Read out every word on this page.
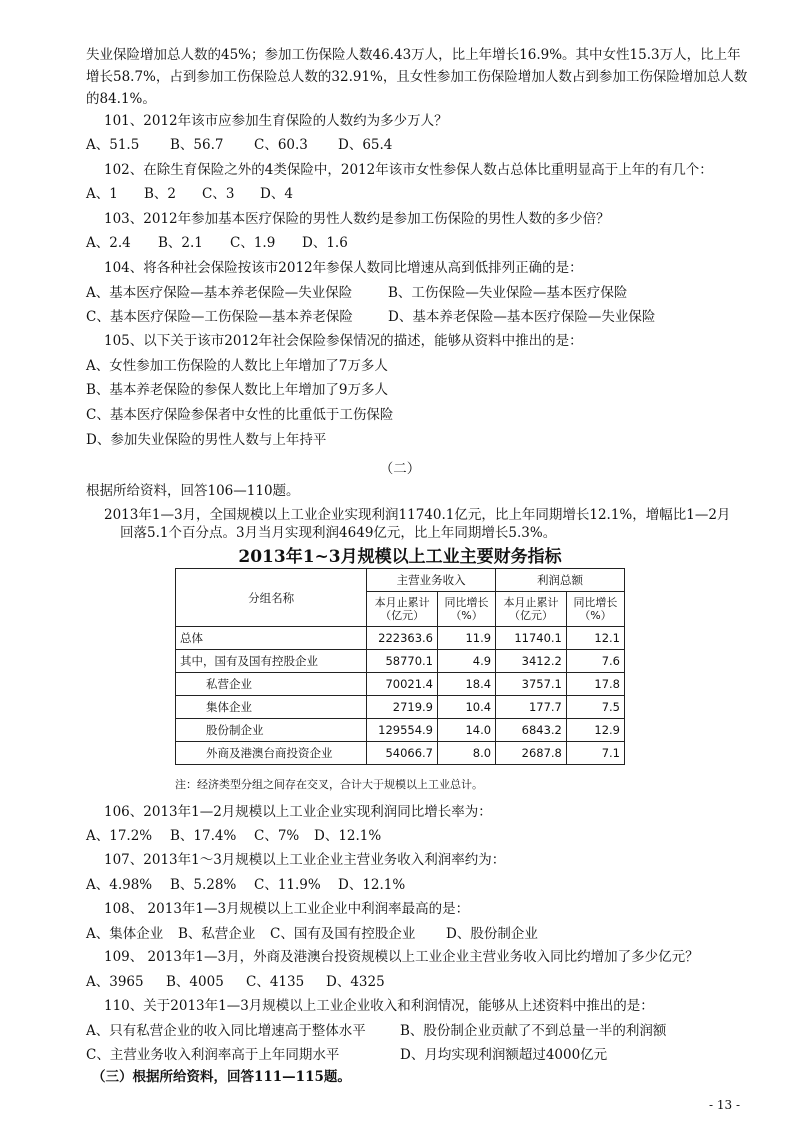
失业保险增加总人数的45%；参加工伤保险人数46.43万人，比上年增长16.9%。其中女性15.3万人，比上年
增长58.7%，占到参加工伤保险总人数的32.91%，且女性参加工伤保险增加人数占到参加工伤保险增加总人数
的84.1%。
101、2012年该市应参加生育保险的人数约为多少万人？
A、51.5	B、56.7	C、60.3	D、65.4
102、在除生育保险之外的4类保险中，2012年该市女性参保人数占总体比重明显高于上年的有几个：
A、1	B、2	C、3	D、4
103、2012年参加基本医疗保险的男性人数约是参加工伤保险的男性人数的多少倍？
A、2.4	B、2.1	C、1.9	D、1.6
104、将各种社会保险按该市2012年参保人数同比增速从高到低排列正确的是：
A、基本医疗保险—基本养老保险—失业保险	B、工伤保险—失业保险—基本医疗保险
C、基本医疗保险—工伤保险—基本养老保险	D、基本养老保险—基本医疗保险—失业保险
105、以下关于该市2012年社会保险参保情况的描述，能够从资料中推出的是：
A、女性参加工伤保险的人数比上年增加了7万多人
B、基本养老保险的参保人数比上年增加了9万多人
C、基本医疗保险参保者中女性的比重低于工伤保险
D、参加失业保险的男性人数与上年持平
（二）
根据所给资料，回答106—110题。
2013年1—3月，全国规模以上工业企业实现利润11740.1亿元，比上年同期增长12.1%，增幅比1—2月
回落5.1个百分点。3月当月实现利润4649亿元，比上年同期增长5.3%。
2013年1~3月规模以上工业主要财务指标
分组名称	主营业务收入		利润总额	
	本月止累计（亿元）	同比增长（%）	本月止累计（亿元）	同比增长（%）
总体	222363.6	11.9	11740.1	12.1
其中，国有及国有控股企业	58770.1	4.9	3412.2	7.6
私营企业	70021.4	18.4	3757.1	17.8
集体企业	2719.9	10.4	177.7	7.5
股份制企业	129554.9	14.0	6843.2	12.9
外商及港澳台商投资企业	54066.7	8.0	2687.8	7.1
注：经济类型分组之间存在交叉，合计大于规模以上工业总计。
106、2013年1—2月规模以上工业企业实现利润同比增长率为：
A、17.2%	B、17.4%	C、7%	D、12.1%
107、2013年1～3月规模以上工业企业主营业务收入利润率约为：
A、4.98%	B、5.28%	C、11.9%	D、12.1%
108、 2013年1—3月规模以上工业企业中利润率最高的是：
A、集体企业	B、私营企业	C、国有及国有控股企业	D、股份制企业
109、 2013年1—3月，外商及港澳台投资规模以上工业企业主营业务收入同比约增加了多少亿元？
A、3965	B、4005	C、4135	D、4325
110、关于2013年1—3月规模以上工业企业收入和利润情况，能够从上述资料中推出的是：
A、只有私营企业的收入同比增速高于整体水平	B、股份制企业贡献了不到总量一半的利润额
C、主营业务收入利润率高于上年同期水平	D、月均实现利润额超过4000亿元
（三）根据所给资料，回答111—115题。
- 13 -
